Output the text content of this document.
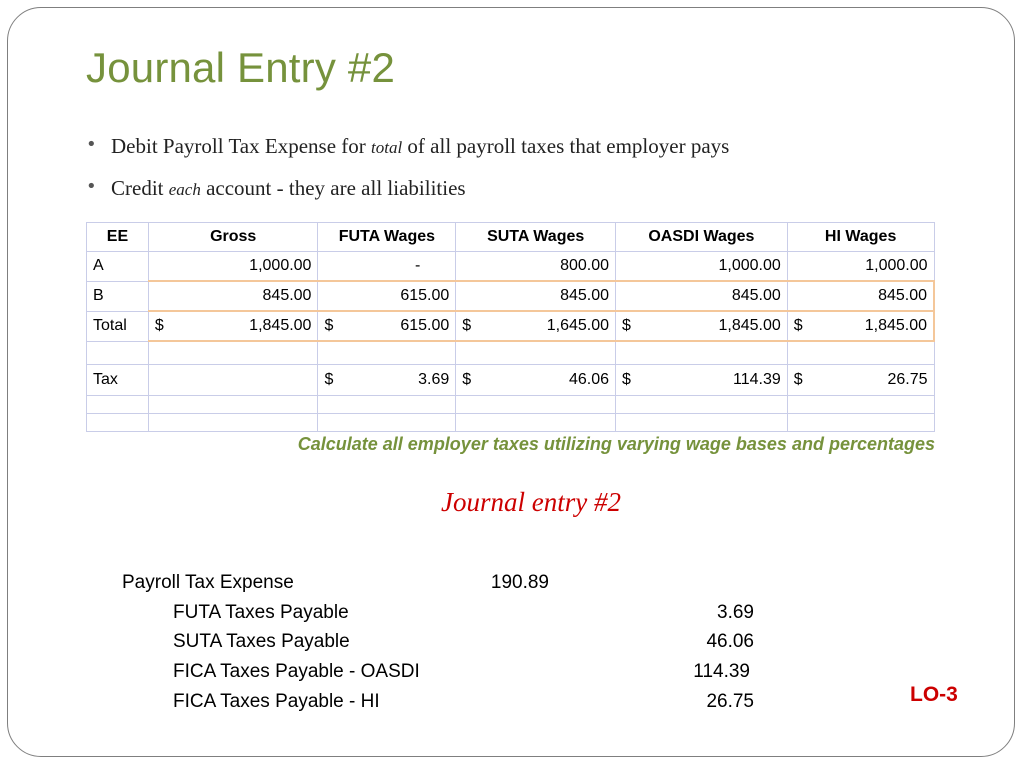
Journal Entry #2
• Debit Payroll Tax Expense for total of all payroll taxes that employer pays
• Credit each account - they are all liabilities
EE	Gross	FUTA Wages	SUTA Wages	OASDI Wages	HI Wages
A	1,000.00	-	800.00	1,000.00	1,000.00
B	845.00	615.00	845.00	845.00	845.00
Total	$ 1,845.00	$ 615.00	$ 1,645.00	$ 1,845.00	$ 1,845.00

Tax		$ 3.69	$ 46.06	$ 114.39	$ 26.75

Calculate all employer taxes utilizing varying wage bases and percentages
Journal entry #2
Payroll Tax Expense	190.89
FUTA Taxes Payable	3.69
SUTA Taxes Payable	46.06
FICA Taxes Payable - OASDI	114.39
FICA Taxes Payable - HI	26.75	LO-3
